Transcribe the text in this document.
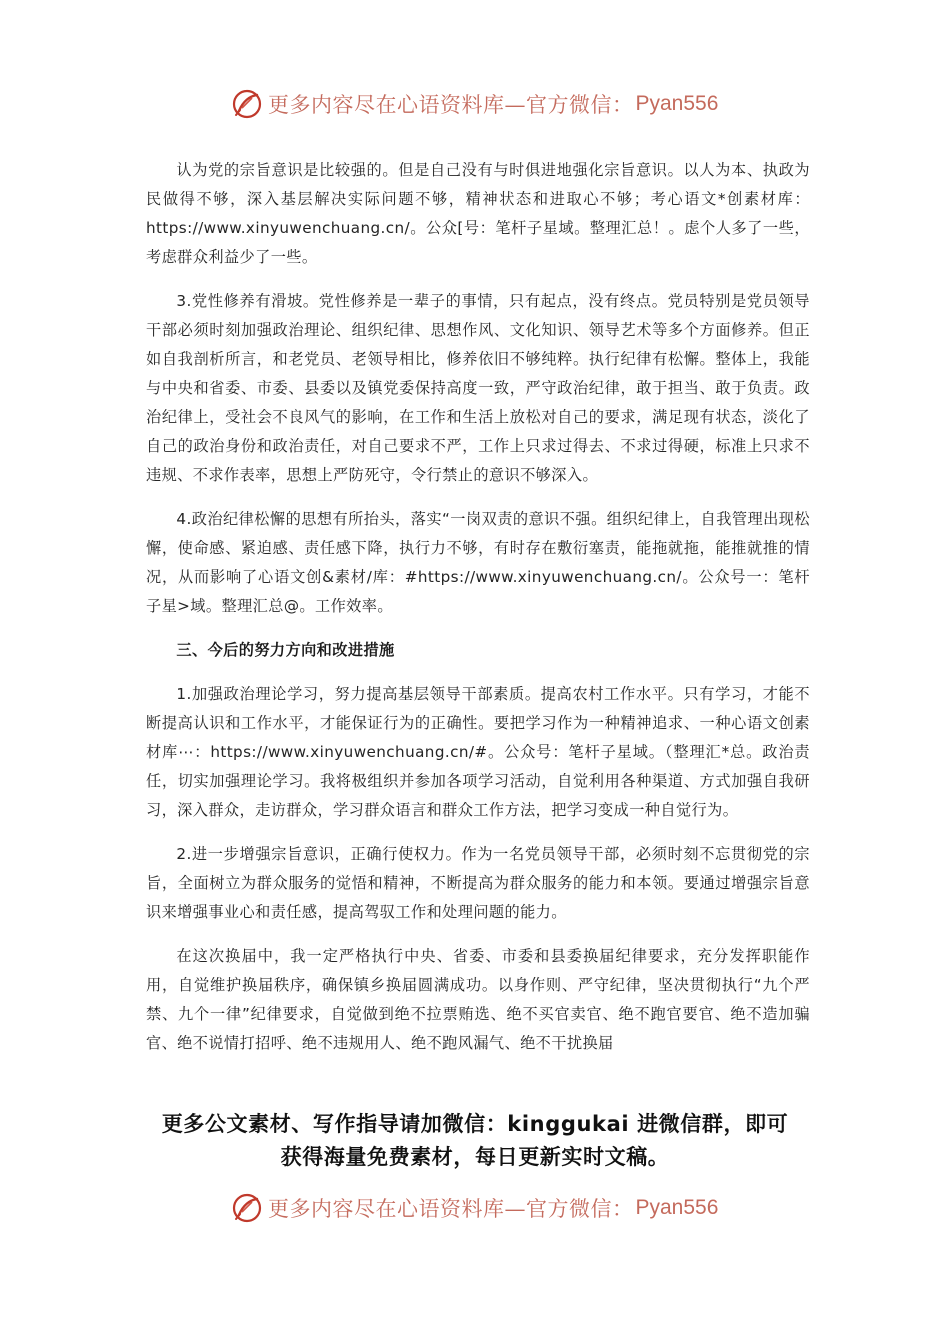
更多内容尽在心语资料库—官方微信： Pyan556

认为党的宗旨意识是比较强的。但是自己没有与时俱进地强化宗旨意识。以人为本、执政为民做得不够，深入基层解决实际问题不够，精神状态和进取心不够；考心语文*创素材库：https://www.xinyuwenchuang.cn/。公众[号：笔杆子星域。整理汇总！。虑个人多了一些，考虑群众利益少了一些。

3.党性修养有滑坡。党性修养是一辈子的事情，只有起点，没有终点。党员特别是党员领导干部必须时刻加强政治理论、组织纪律、思想作风、文化知识、领导艺术等多个方面修养。但正如自我剖析所言，和老党员、老领导相比，修养依旧不够纯粹。执行纪律有松懈。整体上，我能与中央和省委、市委、县委以及镇党委保持高度一致，严守政治纪律，敢于担当、敢于负责。政治纪律上，受社会不良风气的影响，在工作和生活上放松对自己的要求，满足现有状态，淡化了自己的政治身份和政治责任，对自己要求不严，工作上只求过得去、不求过得硬，标准上只求不违规、不求作表率，思想上严防死守，令行禁止的意识不够深入。

4.政治纪律松懈的思想有所抬头，落实“一岗双责的意识不强。组织纪律上，自我管理出现松懈，使命感、紧迫感、责任感下降，执行力不够，有时存在敷衍塞责，能拖就拖，能推就推的情况，从而影响了心语文创&素材/库：#https://www.xinyuwenchuang.cn/。公众号一：笔杆子星>域。整理汇总@。工作效率。

三、今后的努力方向和改进措施

1.加强政治理论学习，努力提高基层领导干部素质。提高农村工作水平。只有学习，才能不断提高认识和工作水平，才能保证行为的正确性。要把学习作为一种精神追求、一种心语文创素材库⋯：https://www.xinyuwenchuang.cn/#。公众号：笔杆子星域。（整理汇*总。政治责任，切实加强理论学习。我将极组织并参加各项学习活动，自觉利用各种渠道、方式加强自我研习，深入群众，走访群众，学习群众语言和群众工作方法，把学习变成一种自觉行为。

2.进一步增强宗旨意识，正确行使权力。作为一名党员领导干部，必须时刻不忘贯彻党的宗旨，全面树立为群众服务的觉悟和精神，不断提高为群众服务的能力和本领。要通过增强宗旨意识来增强事业心和责任感，提高驾驭工作和处理问题的能力。

在这次换届中，我一定严格执行中央、省委、市委和县委换届纪律要求，充分发挥职能作用，自觉维护换届秩序，确保镇乡换届圆满成功。以身作则、严守纪律，坚决贯彻执行“九个严禁、九个一律”纪律要求，自觉做到绝不拉票贿选、绝不买官卖官、绝不跑官要官、绝不造加骗官、绝不说情打招呼、绝不违规用人、绝不跑风漏气、绝不干扰换届

更多公文素材、写作指导请加微信：kinggukai 进微信群，即可
获得海量免费素材，每日更新实时文稿。
更多内容尽在心语资料库—官方微信： Pyan556
